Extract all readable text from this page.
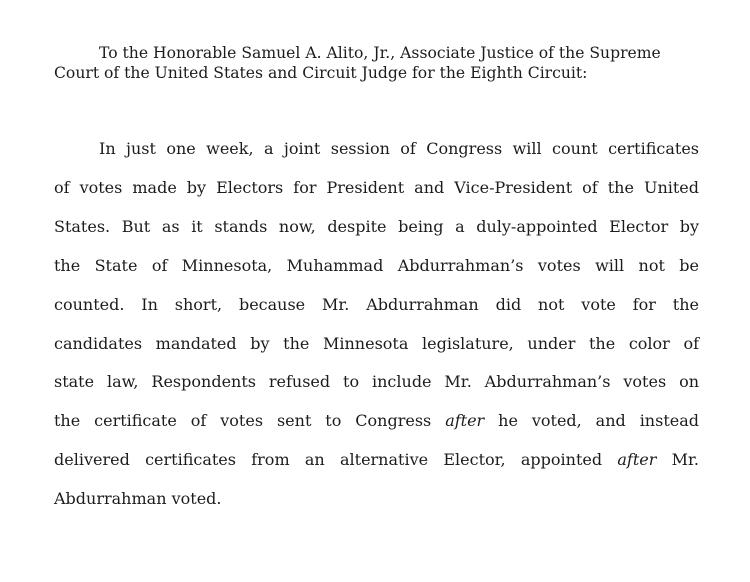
To the Honorable Samuel A. Alito, Jr., Associate Justice of the Supreme Court of the United States and Circuit Judge for the Eighth Circuit:

In just one week, a joint session of Congress will count certificates
of votes made by Electors for President and Vice-President of the United
States. But as it stands now, despite being a duly-appointed Elector by
the State of Minnesota, Muhammad Abdurrahman’s votes will not be
counted. In short, because Mr. Abdurrahman did not vote for the
candidates mandated by the Minnesota legislature, under the color of
state law, Respondents refused to include Mr. Abdurrahman’s votes on
the certificate of votes sent to Congress after he voted, and instead
delivered certificates from an alternative Elector, appointed after Mr.
Abdurrahman voted.
